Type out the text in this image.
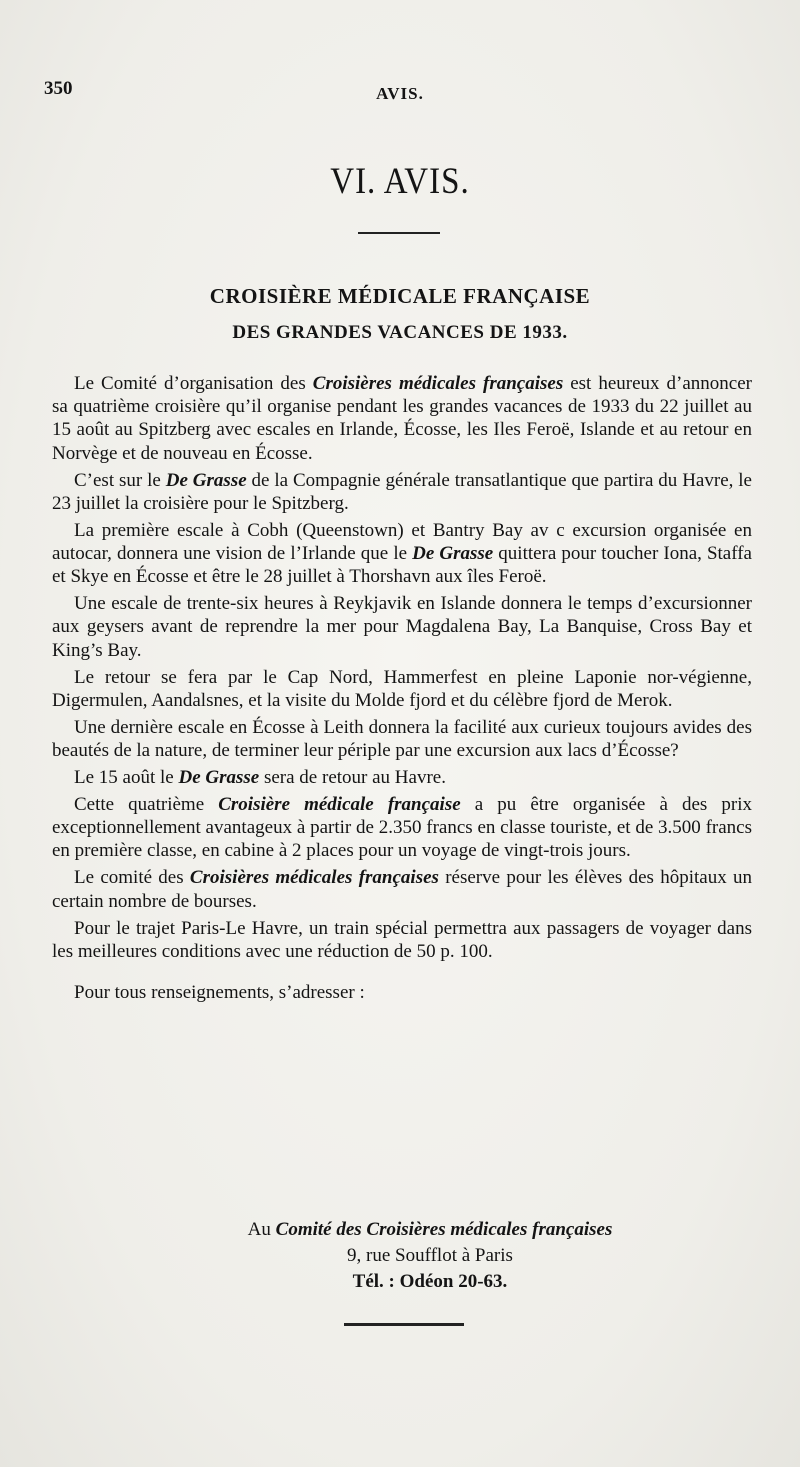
350	AVIS.
VI. AVIS.
CROISIÈRE MÉDICALE FRANÇAISE
DES GRANDES VACANCES DE 1933.

Le Comité d’organisation des Croisières médicales françaises est heureux d’annoncer sa quatrième croisière qu’il organise pendant les grandes vacances de 1933 du 22 juillet au 15 août au Spitzberg avec escales en Irlande, Écosse, les Iles Feroë, Islande et au retour en Norvège et de nouveau en Écosse.

C’est sur le De Grasse de la Compagnie générale transatlantique que partira du Havre, le 23 juillet la croisière pour le Spitzberg.

La première escale à Cobh (Queenstown) et Bantry Bay av c excursion organisée en autocar, donnera une vision de l’Irlande que le De Grasse quittera pour toucher Iona, Staffa et Skye en Écosse et être le 28 juillet à Thorshavn aux îles Feroë.

Une escale de trente-six heures à Reykjavik en Islande donnera le temps d’excursionner aux geysers avant de reprendre la mer pour Magdalena Bay, La Banquise, Cross Bay et King’s Bay.

Le retour se fera par le Cap Nord, Hammerfest en pleine Laponie nor-végienne, Digermulen, Aandalsnes, et la visite du Molde fjord et du célèbre fjord de Merok.

Une dernière escale en Écosse à Leith donnera la facilité aux curieux toujours avides des beautés de la nature, de terminer leur périple par une excursion aux lacs d’Écosse?

Le 15 août le De Grasse sera de retour au Havre.

Cette quatrième Croisière médicale française a pu être organisée à des prix exceptionnellement avantageux à partir de 2.350 francs en classe touriste, et de 3.500 francs en première classe, en cabine à 2 places pour un voyage de vingt-trois jours.

Le comité des Croisières médicales françaises réserve pour les élèves des hôpitaux un certain nombre de bourses.

Pour le trajet Paris-Le Havre, un train spécial permettra aux passagers de voyager dans les meilleures conditions avec une réduction de 50 p. 100.

Pour tous renseignements, s’adresser :

Au Comité des Croisières médicales françaises
9, rue Soufflot à Paris
Tél. : Odéon 20-63.
